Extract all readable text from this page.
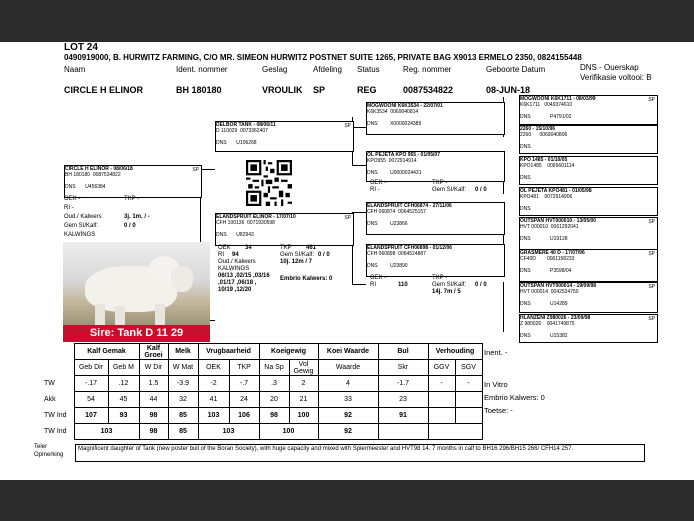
LOT 24
0490919000, B. HURWITZ FARMING, C/O MR. SIMEON HURWITZ POSTNET SUITE 1265, PRIVATE BAG X9013 ERMELO 2350, 0824155448
Naam	Ident. nommer	Geslag	Afdeling Status	Reg. nommer	Geboorte Datum	DNS - Ouerskap
Verifikasie voltooi: B
CIRCLE H ELINOR	BH 180180	VROULIK SP	REG	0087534822	08-JUN-18
SP
CIRCLE H ELINOR - 08/06/18
BH 180180 0087534822

DNS U456384
OEK -	TKP -
RI -
Oud./ Kalwers	3j. 1m. / -
Gem SI/Kalf:	0 / 0
KALWINGS
Sire: Tank D 11 29
SP
DELBOR TANK - 08/06/11
D 110029 0073362407

DNS U106268
SP
ELANDSPRUIT ELINOR - 17/07/10
CFH 100136 0071930598

DNS U82943
OEK 34	TKP 461
RI 94	Gem SI/Kalf: 0 / 0
Oud./ Kalwers	10j. 12m / 7
KALWINGS
06/13 ,02/15 ,03/16 Embrio Kalwers: 0
,01/17 ,06/18 ,
10/19 ,12/20
MOGWOONI K6K3534 - 22/07/01
K6K3534 0069040814

DNS	X0000024389
OL PEJETA KPO 955 - 01/05/07
KPO955 0072914914

DNS	U0000024431
OEK -	TKP -
RI -	Gem SI/Kalf: 0 / 0
ELANDSPRUIT CFH06874 - 27/11/06
CFH 060874 0064525157

DNS	U23866
ELANDSPRUIT CFH06898 - 01/12/06
CFH 060898 0064524887

DNS	U23890
OEK -	TKP -
RI	110	Gem SI/Kalf: 0 / 0
14j. 7m / 5
SP
MOGWOONI K6K1711 - 08/03/99
K6K1711 0049374610

DNS	P4791/02
2260 - 15/10/96
2260 0069040806

DNS
KPO 1485 - 01/10/05
KPO1485 0065601114

DNS
OL PEJETA KPO481 - 01/05/98
KPO481 0072914906

DNS
SP
OUTSPAN HVT000010 - 13/05/00
HVT 000010 0061292041

DNS	U19128
SP
GRASMERE 40 D - 17/07/96
CF40D 0061158233

DNS	P3598/04
SP
OUTSPAN HVT000014 - 19/09/98
HVT 000014 0042534750

DNS	U14289
SP
HLANZENI Z980026 - 23/09/98
Z 980026 0041749875

DNS	U15382
	Kalf Gemak		Kalf Groei	Melk	Vrugbaarheid		Koeigewig		Koei Waarde	Bul	Verhouding	
	Geb Dir	Geb M	W Dir	W Mat	OEK	TKP	Na Sp	Vol Gewig	Waarde	Skr	GGV	SGV
TW	-.17	.12	1.5	-3.9	-2	-.7	.3	2	4	-1.7	-	-
Akk	54	45	44	32	41	24	20	21	33	23		
TW Ind	107	93	98	85	103	106	98	100	92	91		
TW Ind	103		98	85	103		100		92			
Inent. -
In Vitro
Embrio Kalwers: 0
Toetse: -
Teler
Opmerking
Magnificent daughter of Tank (new poster bull of the Boran Society), with huge capacity and mixed with Spiermeester and HVT98 14. 7 months in calf to BH16 296/BH15 266/ CFH14 257.
